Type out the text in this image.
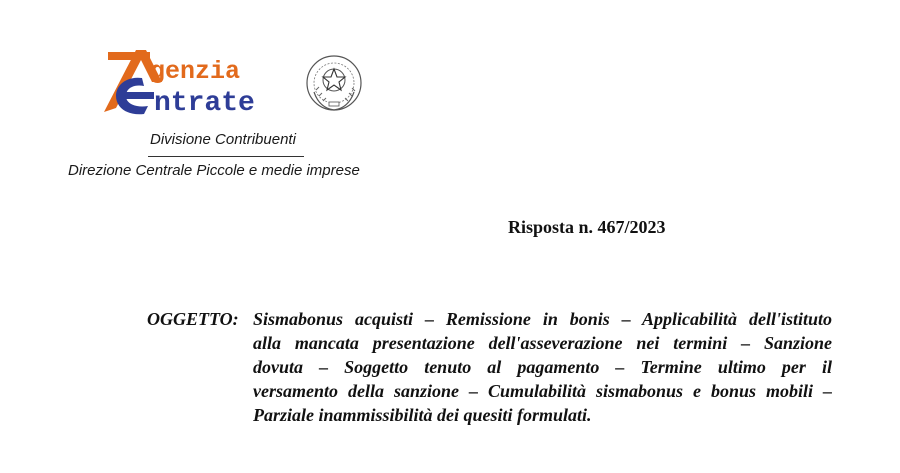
genzia
ntrate
Divisione Contribuenti
Direzione Centrale Piccole e medie imprese
Risposta n. 467/2023
OGGETTO: Sismabonus acquisti – Remissione in bonis – Applicabilità dell'istituto
alla mancata presentazione dell'asseverazione nei termini – Sanzione
dovuta – Soggetto tenuto al pagamento – Termine ultimo per il
versamento della sanzione – Cumulabilità sismabonus e bonus mobili –
Parziale inammissibilità dei quesiti formulati.
